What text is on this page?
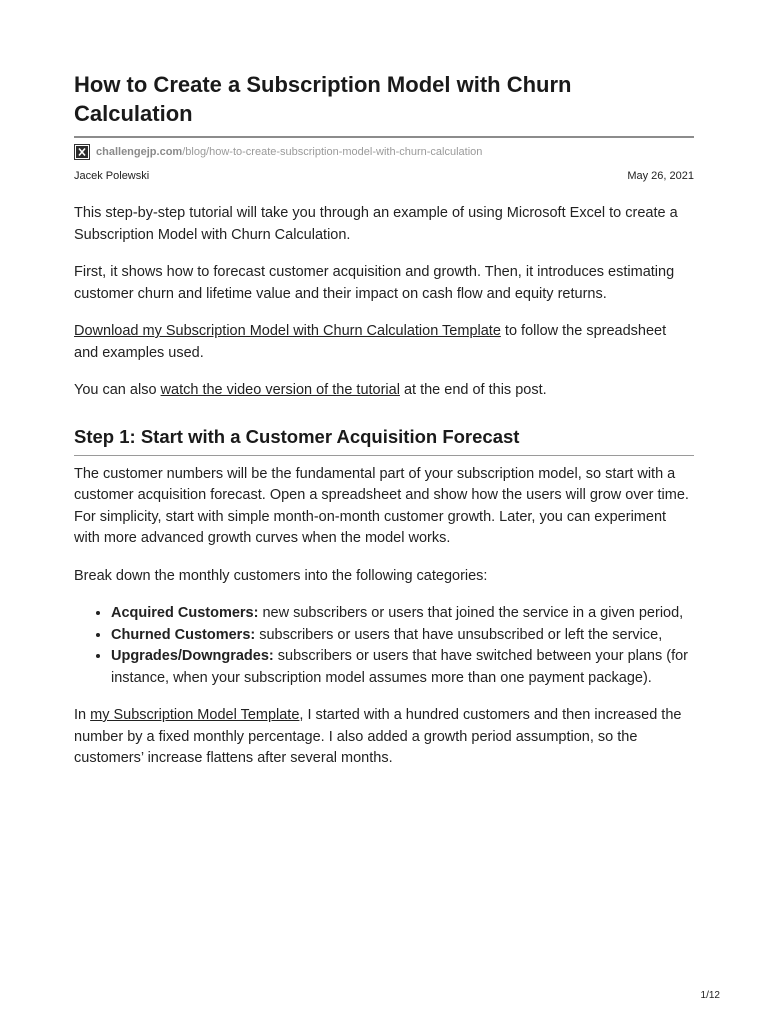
How to Create a Subscription Model with Churn Calculation
challengejp.com/blog/how-to-create-subscription-model-with-churn-calculation
Jacek Polewski	May 26, 2021

This step-by-step tutorial will take you through an example of using Microsoft Excel to create a Subscription Model with Churn Calculation.

First, it shows how to forecast customer acquisition and growth. Then, it introduces estimating customer churn and lifetime value and their impact on cash flow and equity returns.

Download my Subscription Model with Churn Calculation Template to follow the spreadsheet and examples used.

You can also watch the video version of the tutorial at the end of this post.

Step 1: Start with a Customer Acquisition Forecast

The customer numbers will be the fundamental part of your subscription model, so start with a customer acquisition forecast. Open a spreadsheet and show how the users will grow over time. For simplicity, start with simple month-on-month customer growth. Later, you can experiment with more advanced growth curves when the model works.

Break down the monthly customers into the following categories:

• Acquired Customers: new subscribers or users that joined the service in a given period,
• Churned Customers: subscribers or users that have unsubscribed or left the service,
• Upgrades/Downgrades: subscribers or users that have switched between your plans (for instance, when your subscription model assumes more than one payment package).

In my Subscription Model Template, I started with a hundred customers and then increased the number by a fixed monthly percentage. I also added a growth period assumption, so the customers’ increase flattens after several months.

1/12
